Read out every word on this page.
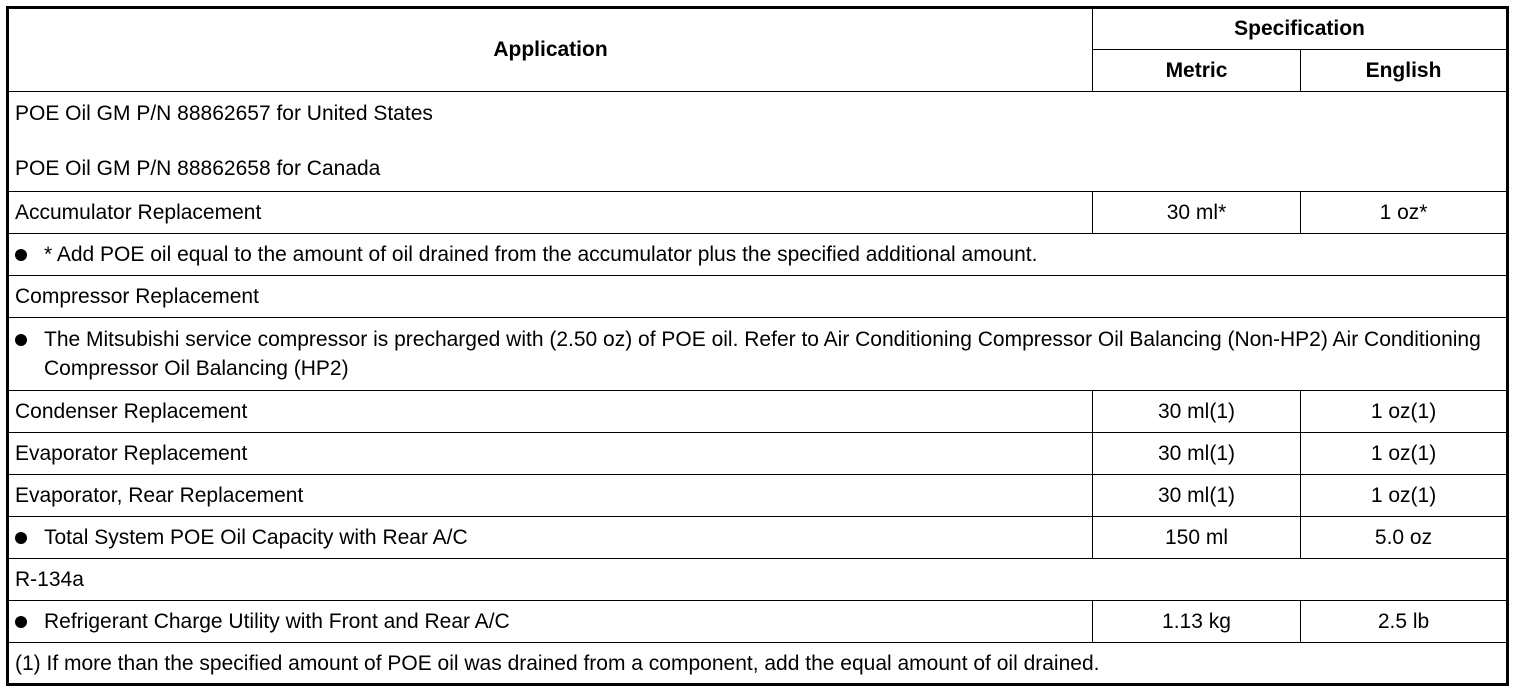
Application	Specification	
	Metric	English

POE Oil GM P/N 88862657 for United States
POE Oil GM P/N 88862658 for Canada		

Accumulator Replacement	30 ml*	1 oz*

* Add POE oil equal to the amount of oil drained from the accumulator plus the specified additional amount.		

Compressor Replacement		

The Mitsubishi service compressor is precharged with (2.50 oz) of POE oil. Refer to Air Conditioning Compressor Oil Balancing (Non-HP2) Air Conditioning Compressor Oil Balancing (HP2)		

Condenser Replacement	30 ml(1)	1 oz(1)
Evaporator Replacement	30 ml(1)	1 oz(1)
Evaporator, Rear Replacement	30 ml(1)	1 oz(1)

Total System POE Oil Capacity with Rear A/C	150 ml	5.0 oz
R-134a		

Refrigerant Charge Utility with Front and Rear A/C	1.13 kg	2.5 lb
(1) If more than the specified amount of POE oil was drained from a component, add the equal amount of oil drained.		
